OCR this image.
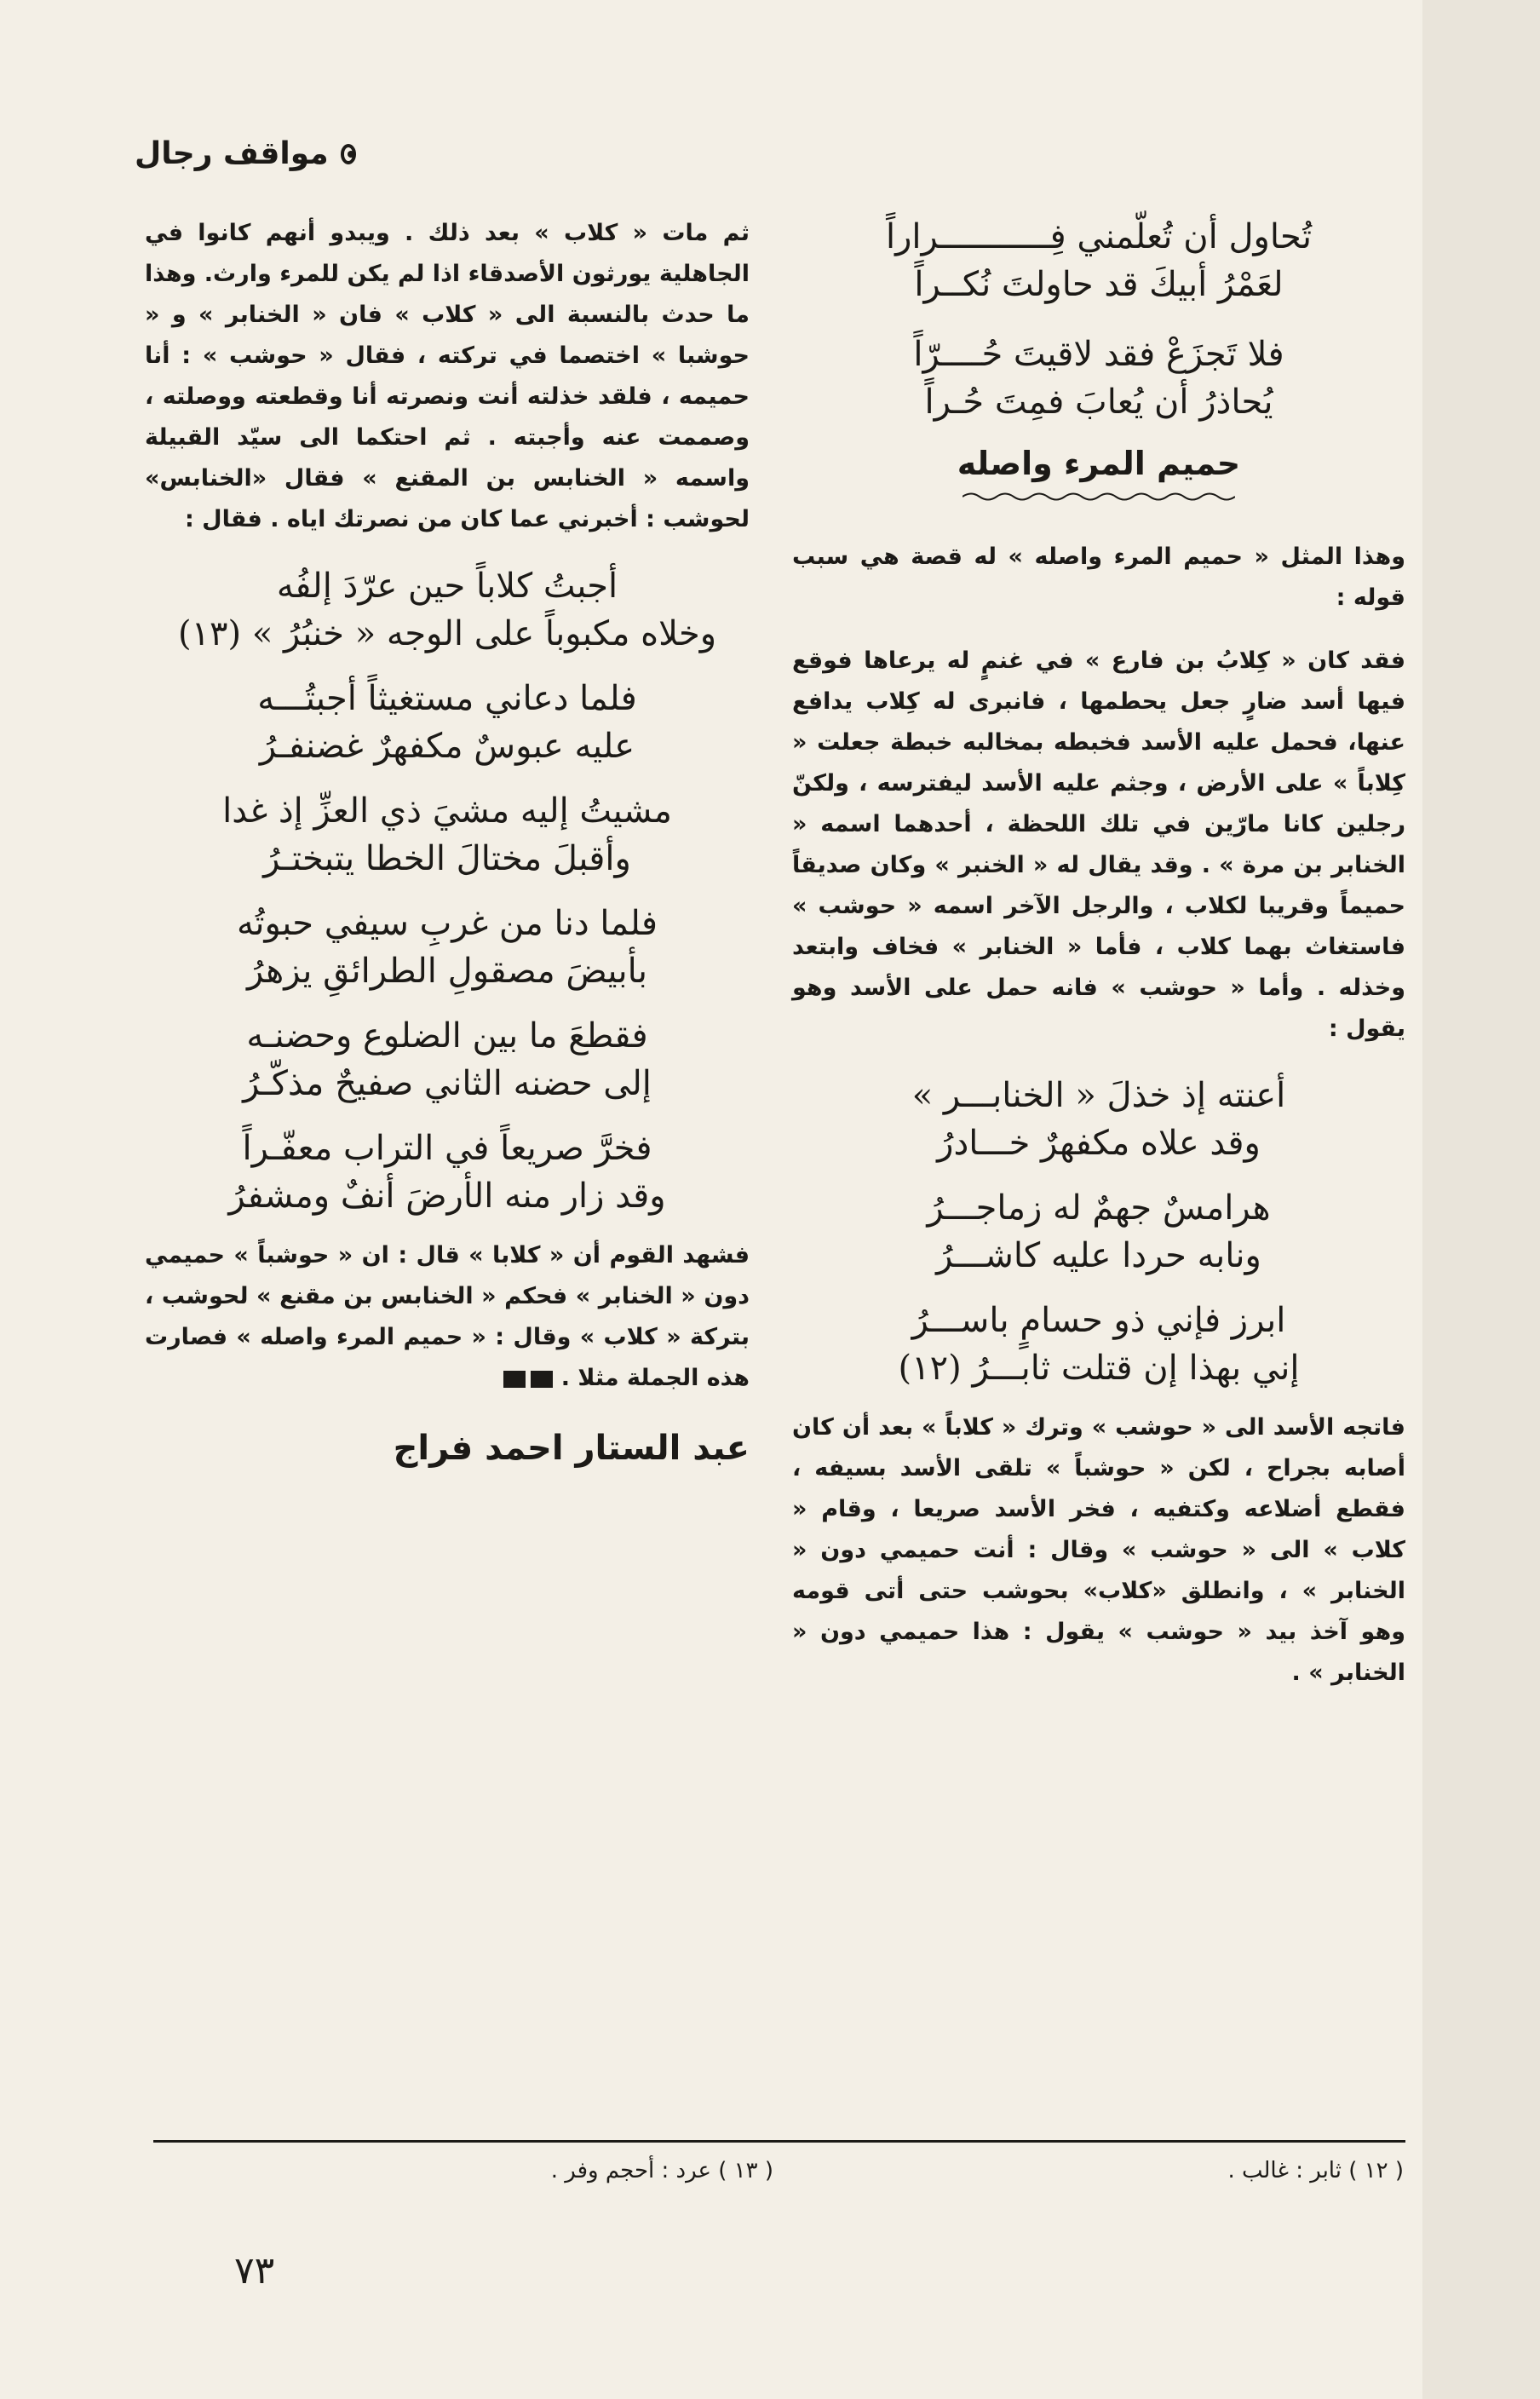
مواقف رجال
تُحاول أن تُعلّمني فِـــــــــــراراً
لعَمْرُ أبيكَ قد حاولتَ نُكــراً
فلا تَجزَعْ فقد لاقيتَ حُــــرّاً
يُحاذرُ أن يُعابَ فمِتَ حُـراً
حميم المرء واصله

وهذا المثل « حميم المرء واصله » له قصة هي سبب قوله :

فقد كان « كِلابُ بن فارع » في غنمٍ له يرعاها فوقع فيها أسد ضارٍ جعل يحطمها ، فانبرى له كِلاب يدافع عنها، فحمل عليه الأسد فخبطه بمخالبه خبطة جعلت « كِلاباً » على الأرض ، وجثم عليه الأسد ليفترسه ، ولكنّ رجلين كانا مارّين في تلك اللحظة ، أحدهما اسمه « الخنابر بن مرة » . وقد يقال له « الخنبر » وكان صديقاً حميماً وقريبا لكلاب ، والرجل الآخر اسمه « حوشب » فاستغاث بهما كلاب ، فأما « الخنابر » فخاف وابتعد وخذله . وأما « حوشب » فانه حمل على الأسد وهو يقول :

أعنته إذ خذلَ « الخنابـــر »
وقد علاه مكفهرٌ خـــادرُ
هرامسٌ جهمٌ له زماجـــرُ
ونابه حردا عليه كاشـــرُ
ابرز فإني ذو حسامٍ باســـرُ
إني بهذا إن قتلت ثابـــرُ (١٢)

فاتجه الأسد الى « حوشب » وترك « كلاباً » بعد أن كان أصابه بجراح ، لكن « حوشباً » تلقى الأسد بسيفه ، فقطع أضلاعه وكتفيه ، فخر الأسد صريعا ، وقام « كلاب » الى « حوشب » وقال : أنت حميمي دون « الخنابر » ، وانطلق «كلاب» بحوشب حتى أتى قومه وهو آخذ بيد « حوشب » يقول : هذا حميمي دون « الخنابر » .

ثم مات « كلاب » بعد ذلك . ويبدو أنهم كانوا في الجاهلية يورثون الأصدقاء اذا لم يكن للمرء وارث. وهذا ما حدث بالنسبة الى « كلاب » فان « الخنابر » و « حوشبا » اختصما في تركته ، فقال « حوشب » : أنا حميمه ، فلقد خذلته أنت ونصرته أنا وقطعته ووصلته ، وصممت عنه وأجبته . ثم احتكما الى سيّد القبيلة واسمه « الخنابس بن المقنع » فقال «الخنابس» لحوشب : أخبرني عما كان من نصرتك اياه . فقال :

أجبتُ كلاباً حين عرّدَ إلفُه
وخلاه مكبوباً على الوجه « خنبُرُ » (١٣)
فلما دعاني مستغيثاً أجبتُـــه
عليه عبوسٌ مكفهرٌ غضنفـرُ
مشيتُ إليه مشيَ ذي العزِّ إذ غدا
وأقبلَ مختالَ الخطا يتبختـرُ
فلما دنا من غربِ سيفي حبوتُه
بأبيضَ مصقولِ الطرائقِ يزهرُ
فقطعَ ما بين الضلوع وحضنـه
إلى حضنه الثاني صفيحٌ مذكّـرُ
فخرَّ صريعاً في التراب معفّـراً
وقد زار منه الأرضَ أنفٌ ومشفرُ

فشهد القوم أن « كلابا » قال : ان « حوشباً » حميمي دون « الخنابر » فحكم « الخنابس بن مقنع » لحوشب ، بتركة « كلاب » وقال : « حميم المرء واصله » فصارت هذه الجملة مثلا .

عبد الستار احمد فراج
( ١٢ ) ثابر : غالب .
( ١٣ ) عرد : أحجم وفر .
٧٣
